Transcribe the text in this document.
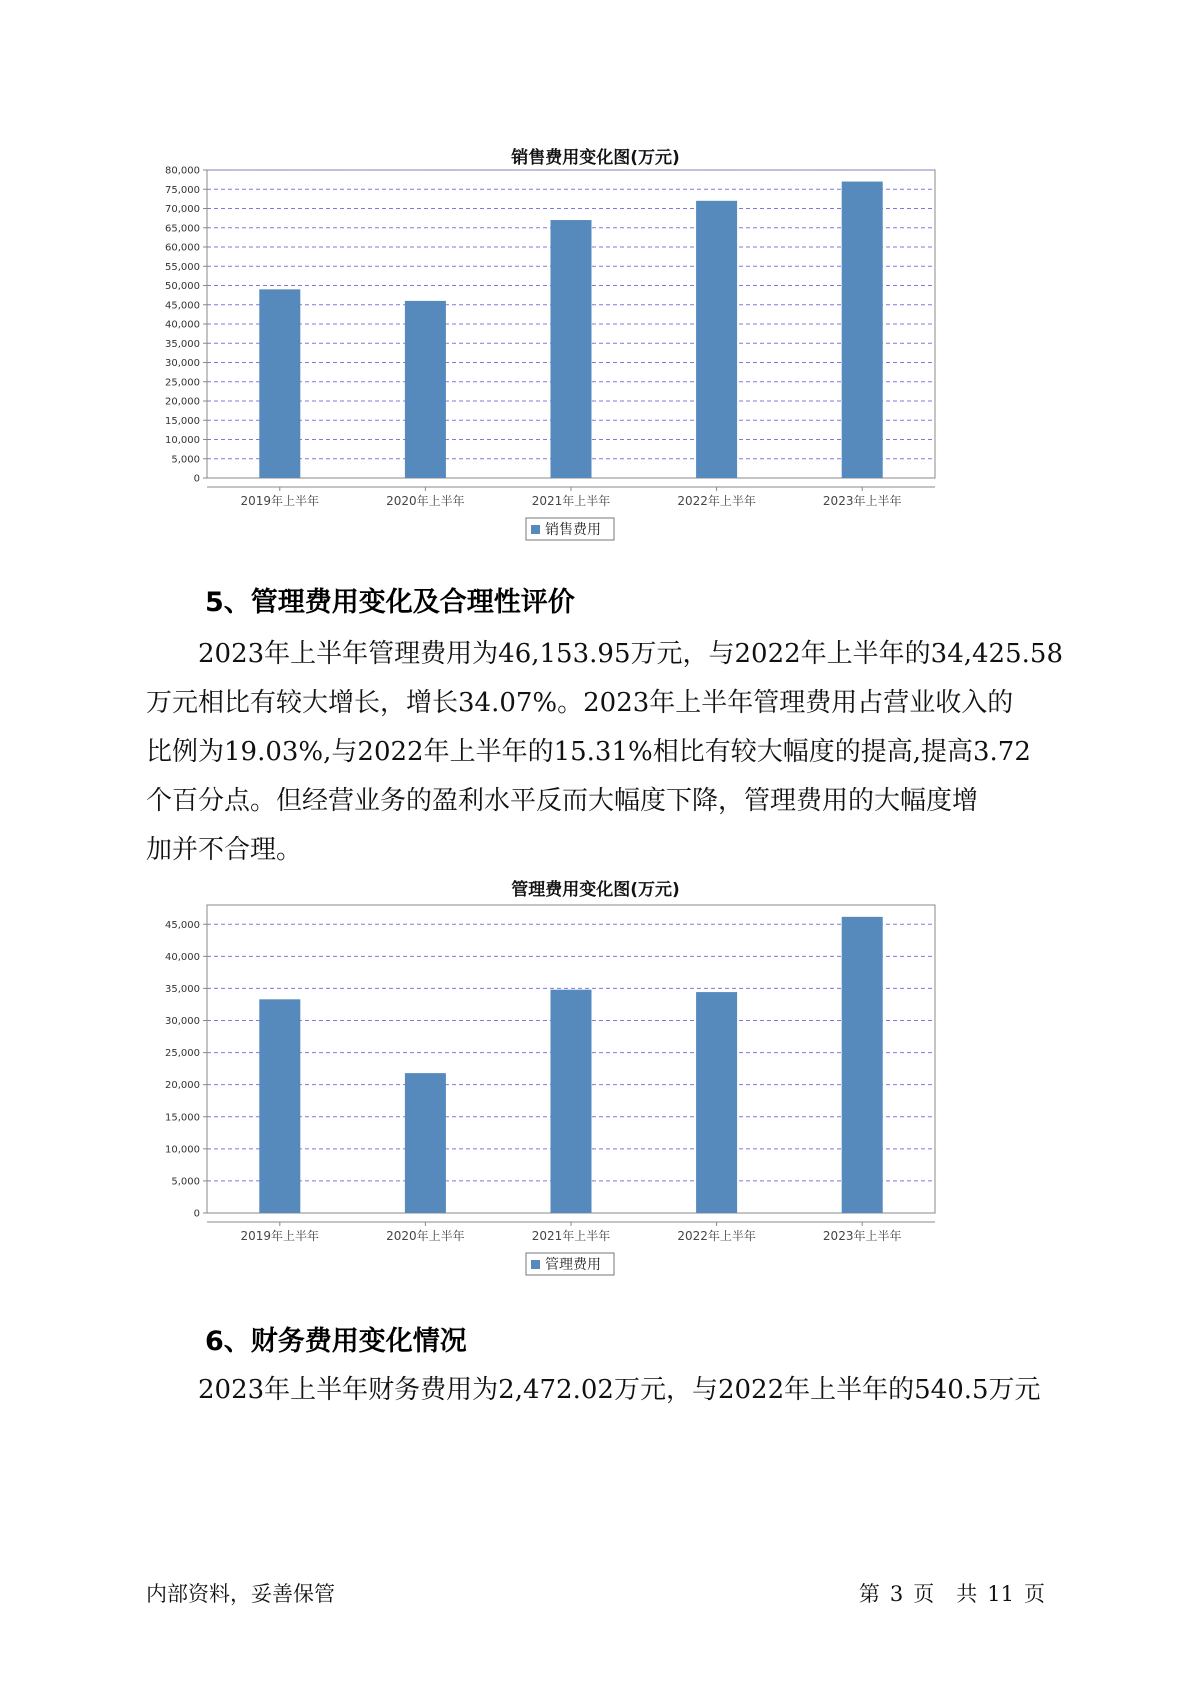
销售费用变化图(万元)
0
5,000
10,000
15,000
20,000
25,000
30,000
35,000
40,000
45,000
50,000
55,000
60,000
65,000
70,000
75,000
80,000
2019年上半年	2020年上半年	2021年上半年	2022年上半年	2023年上半年
销售费用
5、管理费用变化及合理性评价
2023年上半年管理费用为46,153.95万元，与2022年上半年的34,425.58
万元相比有较大增长，增长34.07%。2023年上半年管理费用占营业收入的
比例为19.03%,与2022年上半年的15.31%相比有较大幅度的提高,提高3.72
个百分点。但经营业务的盈利水平反而大幅度下降，管理费用的大幅度增
加并不合理。
管理费用变化图(万元)
0
5,000
10,000
15,000
20,000
25,000
30,000
35,000
40,000
45,000
2019年上半年	2020年上半年	2021年上半年	2022年上半年	2023年上半年
管理费用
6、财务费用变化情况
2023年上半年财务费用为2,472.02万元，与2022年上半年的540.5万元
内部资料，妥善保管	第 3 页 共 11 页
